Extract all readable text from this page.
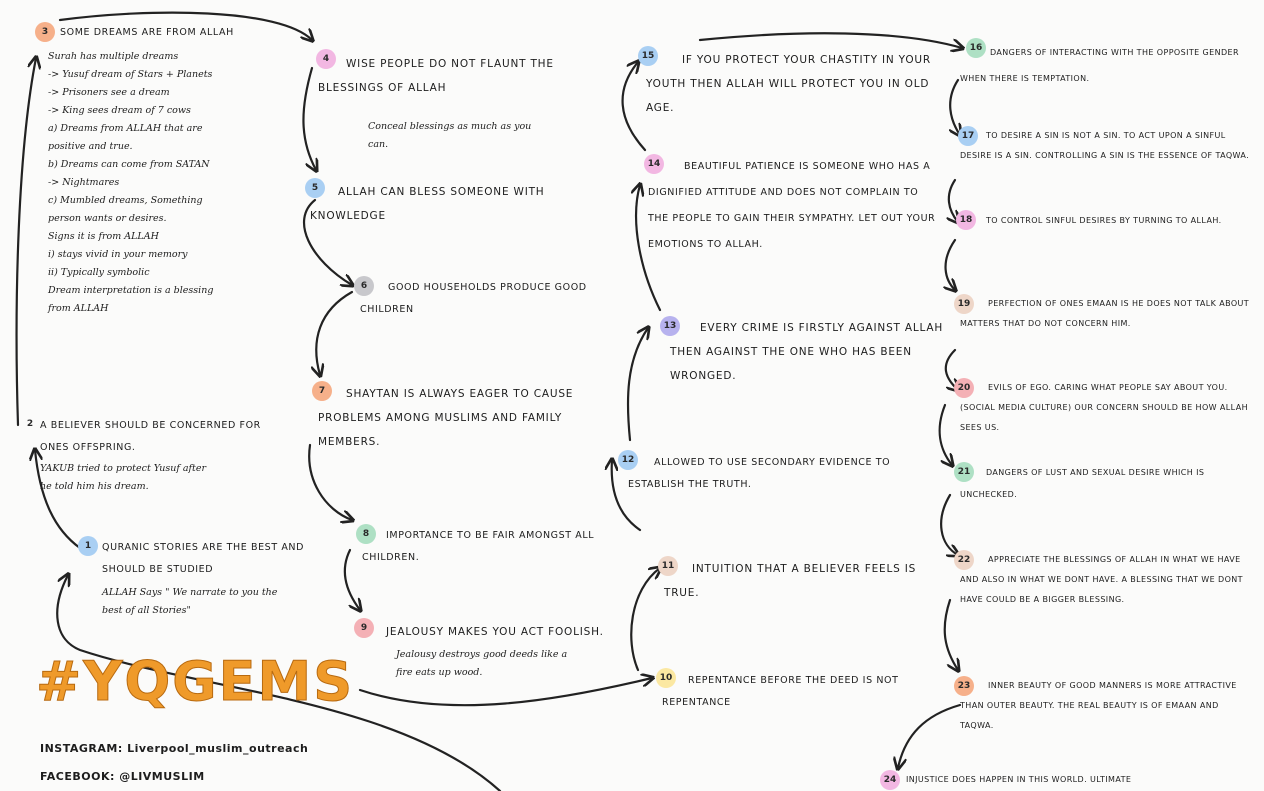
1	QURANIC STORIES ARE THE BEST AND SHOULD BE STUDIED
ALLAH Says " We narrate to you the
best of all Stories"
2 A BELIEVER SHOULD BE CONCERNED FOR ONES OFFSPRING.
YAKUB tried to protect Yusuf after
he told him his dream.
3	SOME DREAMS ARE FROM ALLAH
Surah has multiple dreams
-> Yusuf dream of Stars + Planets
-> Prisoners see a dream
-> King sees dream of 7 cows
a) Dreams from ALLAH that are
positive and true.
b) Dreams can come from SATAN
-> Nightmares
c) Mumbled dreams, Something
person wants or desires.
Signs it is from ALLAH
i) stays vivid in your memory
ii) Typically symbolic
Dream interpretation is a blessing
from ALLAH
4	WISE PEOPLE DO NOT FLAUNT THE BLESSINGS OF ALLAH
Conceal blessings as much as you
can.
5	ALLAH CAN BLESS SOMEONE WITH KNOWLEDGE
6	GOOD HOUSEHOLDS PRODUCE GOOD CHILDREN
7	SHAYTAN IS ALWAYS EAGER TO CAUSE PROBLEMS AMONG MUSLIMS AND FAMILY MEMBERS.
8	IMPORTANCE TO BE FAIR AMONGST ALL CHILDREN.
9	JEALOUSY MAKES YOU ACT FOOLISH.
Jealousy destroys good deeds like a
fire eats up wood.	10	REPENTANCE BEFORE THE DEED IS NOT REPENTANCE
11	INTUITION THAT A BELIEVER FEELS IS TRUE.
12	ALLOWED TO USE SECONDARY EVIDENCE TO ESTABLISH THE TRUTH.
13	EVERY CRIME IS FIRSTLY AGAINST ALLAH THEN AGAINST THE ONE WHO HAS BEEN WRONGED.
14	BEAUTIFUL PATIENCE IS SOMEONE WHO HAS A DIGNIFIED ATTITUDE AND DOES NOT COMPLAIN TO THE PEOPLE TO GAIN THEIR SYMPATHY. LET OUT YOUR EMOTIONS TO ALLAH.
15	IF YOU PROTECT YOUR CHASTITY IN YOUR YOUTH THEN ALLAH WILL PROTECT YOU IN OLD AGE.
16 DANGERS OF INTERACTING WITH THE OPPOSITE GENDER WHEN THERE IS TEMPTATION.
17	TO DESIRE A SIN IS NOT A SIN. TO ACT UPON A SINFUL DESIRE IS A SIN. CONTROLLING A SIN IS THE ESSENCE OF TAQWA.
18	TO CONTROL SINFUL DESIRES BY TURNING TO ALLAH.
19	PERFECTION OF ONES EMAAN IS HE DOES NOT TALK ABOUT MATTERS THAT DO NOT CONCERN HIM.
20	EVILS OF EGO. CARING WHAT PEOPLE SAY ABOUT YOU. (SOCIAL MEDIA CULTURE) OUR CONCERN SHOULD BE HOW ALLAH SEES US.
21	DANGERS OF LUST AND SEXUAL DESIRE WHICH IS UNCHECKED.
22	APPRECIATE THE BLESSINGS OF ALLAH IN WHAT WE HAVE AND ALSO IN WHAT WE DONT HAVE. A BLESSING THAT WE DONT HAVE COULD BE A BIGGER BLESSING.
23	INNER BEAUTY OF GOOD MANNERS IS MORE ATTRACTIVE THAN OUTER BEAUTY. THE REAL BEAUTY IS OF EMAAN AND TAQWA.
24	INJUSTICE DOES HAPPEN IN THIS WORLD. ULTIMATE
#YQGEMS
INSTAGRAM: Liverpool_muslim_outreach
FACEBOOK: @LIVMUSLIM
